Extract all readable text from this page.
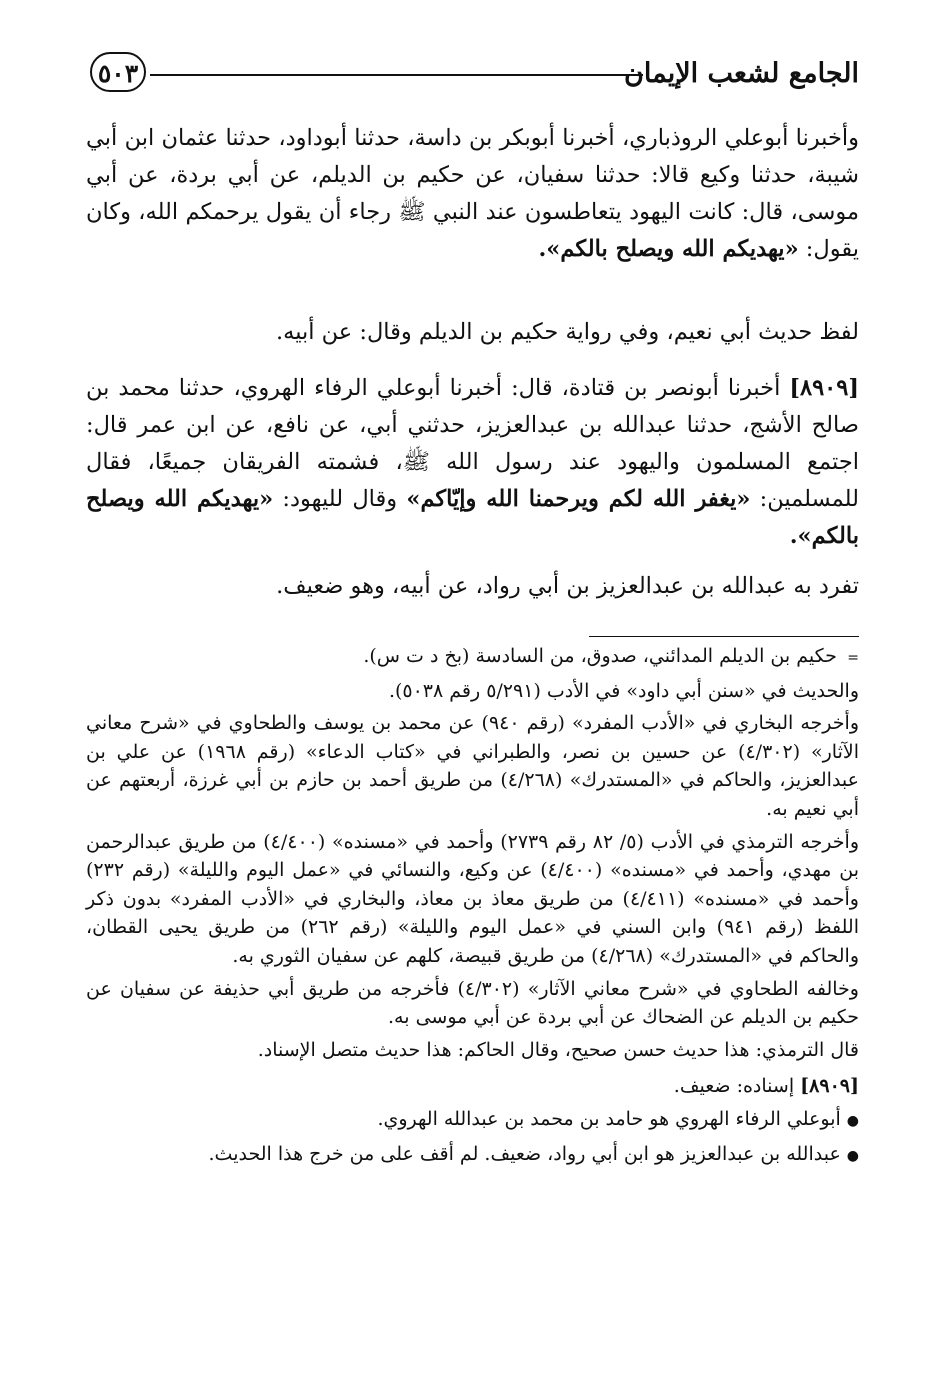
الجامع لشعب الإيمان
٥٠٣

وأخبرنا أبوعلي الروذباري، أخبرنا أبوبكر بن داسة، حدثنا أبوداود، حدثنا عثمان ابن أبي شيبة، حدثنا وكيع قالا: حدثنا سفيان، عن حكيم بن الديلم، عن أبي بردة، عن أبي موسى، قال: كانت اليهود يتعاطسون عند النبي ﷺ رجاء أن يقول يرحمكم الله، وكان يقول: «يهديكم الله ويصلح بالكم».

لفظ حديث أبي نعيم، وفي رواية حكيم بن الديلم وقال: عن أبيه.

[٨٩٠٩] أخبرنا أبونصر بن قتادة، قال: أخبرنا أبوعلي الرفاء الهروي، حدثنا محمد بن صالح الأشج، حدثنا عبدالله بن عبدالعزيز، حدثني أبي، عن نافع، عن ابن عمر قال: اجتمع المسلمون واليهود عند رسول الله ﷺ، فشمته الفريقان جميعًا، فقال للمسلمين: «يغفر الله لكم ويرحمنا الله وإيّاكم» وقال لليهود: «يهديكم الله ويصلح بالكم».

تفرد به عبدالله بن عبدالعزيز بن أبي رواد، عن أبيه، وهو ضعيف.

= حكيم بن الديلم المدائني، صدوق، من السادسة (بخ د ت س).

والحديث في «سنن أبي داود» في الأدب (٥/٢٩١ رقم ٥٠٣٨).

وأخرجه البخاري في «الأدب المفرد» (رقم ٩٤٠) عن محمد بن يوسف والطحاوي في «شرح معاني الآثار» (٤/٣٠٢) عن حسين بن نصر، والطبراني في «كتاب الدعاء» (رقم ١٩٦٨) عن علي بن عبدالعزيز، والحاكم في «المستدرك» (٤/٢٦٨) من طريق أحمد بن حازم بن أبي غرزة، أربعتهم عن أبي نعيم به.

وأخرجه الترمذي في الأدب (٥/ ٨٢ رقم ٢٧٣٩) وأحمد في «مسنده» (٤/٤٠٠) من طريق عبدالرحمن بن مهدي، وأحمد في «مسنده» (٤/٤٠٠) عن وكيع، والنسائي في «عمل اليوم والليلة» (رقم ٢٣٢) وأحمد في «مسنده» (٤/٤١١) من طريق معاذ بن معاذ، والبخاري في «الأدب المفرد» بدون ذكر اللفظ (رقم ٩٤١) وابن السني في «عمل اليوم والليلة» (رقم ٢٦٢) من طريق يحيى القطان، والحاكم في «المستدرك» (٤/٢٦٨) من طريق قبيصة، كلهم عن سفيان الثوري به.

وخالفه الطحاوي في «شرح معاني الآثار» (٤/٣٠٢) فأخرجه من طريق أبي حذيفة عن سفيان عن حكيم بن الديلم عن الضحاك عن أبي بردة عن أبي موسى به.

قال الترمذي: هذا حديث حسن صحيح، وقال الحاكم: هذا حديث متصل الإسناد.

[٨٩٠٩] إسناده: ضعيف.

● أبوعلي الرفاء الهروي هو حامد بن محمد بن عبدالله الهروي.

● عبدالله بن عبدالعزيز هو ابن أبي رواد، ضعيف. لم أقف على من خرج هذا الحديث.
